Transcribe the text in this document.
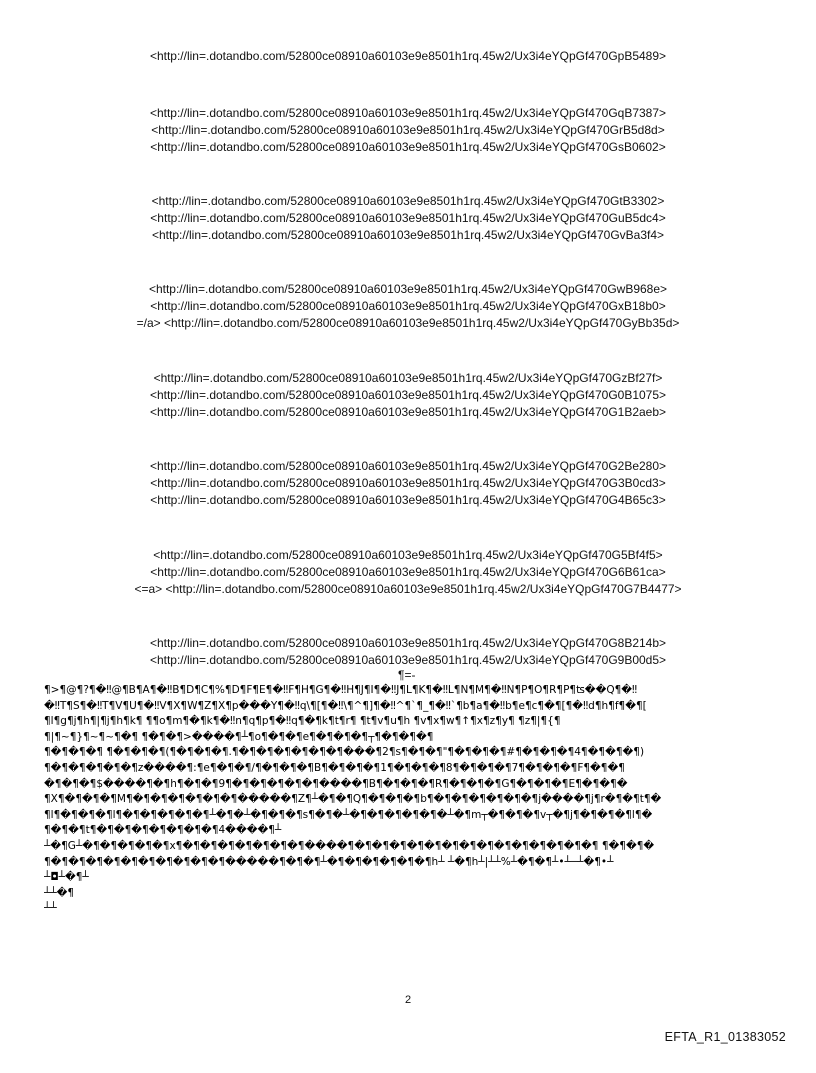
<http://lin=.dotandbo.com/52800ce08910a60103e9e8501h1rq.45w2/Ux3i4eYQpGf470GpB5489>
<http://lin=.dotandbo.com/52800ce08910a60103e9e8501h1rq.45w2/Ux3i4eYQpGf470GqB7387>
<http://lin=.dotandbo.com/52800ce08910a60103e9e8501h1rq.45w2/Ux3i4eYQpGf470GrB5d8d>
<http://lin=.dotandbo.com/52800ce08910a60103e9e8501h1rq.45w2/Ux3i4eYQpGf470GsB0602>
<http://lin=.dotandbo.com/52800ce08910a60103e9e8501h1rq.45w2/Ux3i4eYQpGf470GtB3302>
<http://lin=.dotandbo.com/52800ce08910a60103e9e8501h1rq.45w2/Ux3i4eYQpGf470GuB5dc4>
<http://lin=.dotandbo.com/52800ce08910a60103e9e8501h1rq.45w2/Ux3i4eYQpGf470GvBa3f4>
<http://lin=.dotandbo.com/52800ce08910a60103e9e8501h1rq.45w2/Ux3i4eYQpGf470GwB968e>
<http://lin=.dotandbo.com/52800ce08910a60103e9e8501h1rq.45w2/Ux3i4eYQpGf470GxB18b0>
=/a> <http://lin=.dotandbo.com/52800ce08910a60103e9e8501h1rq.45w2/Ux3i4eYQpGf470GyBb35d>
<http://lin=.dotandbo.com/52800ce08910a60103e9e8501h1rq.45w2/Ux3i4eYQpGf470GzBf27f>
<http://lin=.dotandbo.com/52800ce08910a60103e9e8501h1rq.45w2/Ux3i4eYQpGf470G0B1075>
<http://lin=.dotandbo.com/52800ce08910a60103e9e8501h1rq.45w2/Ux3i4eYQpGf470G1B2aeb>
<http://lin=.dotandbo.com/52800ce08910a60103e9e8501h1rq.45w2/Ux3i4eYQpGf470G2Be280>
<http://lin=.dotandbo.com/52800ce08910a60103e9e8501h1rq.45w2/Ux3i4eYQpGf470G3B0cd3>
<http://lin=.dotandbo.com/52800ce08910a60103e9e8501h1rq.45w2/Ux3i4eYQpGf470G4B65c3>
<http://lin=.dotandbo.com/52800ce08910a60103e9e8501h1rq.45w2/Ux3i4eYQpGf470G5Bf4f5>
<http://lin=.dotandbo.com/52800ce08910a60103e9e8501h1rq.45w2/Ux3i4eYQpGf470G6B61ca>
<=a> <http://lin=.dotandbo.com/52800ce08910a60103e9e8501h1rq.45w2/Ux3i4eYQpGf470G7B4477>
<http://lin=.dotandbo.com/52800ce08910a60103e9e8501h1rq.45w2/Ux3i4eYQpGf470G8B214b>
<http://lin=.dotandbo.com/52800ce08910a60103e9e8501h1rq.45w2/Ux3i4eYQpGf470G9B00d5>
¶=-
¶>¶@¶?¶�‼@¶B¶A¶�‼B¶D¶C¶%¶D¶F¶E¶�‼F¶H¶G¶�‼H¶J¶I¶�‼J¶L¶K¶�‼L¶N¶M¶�‼N¶P¶O¶R¶P¶ʦ��Q¶�‼
�‼T¶S¶�‼T¶V¶U¶�‼V¶X¶W¶Z¶X¶p���Y¶�‼q\¶[¶�‼\¶^¶]¶�‼^¶`¶_¶�‼`¶b¶a¶�‼b¶e¶c¶�¶[¶�‼d¶h¶f¶�¶[
¶l¶g¶j¶h¶|¶j¶h¶k¶ ¶¶o¶m¶�¶k¶�‼n¶q¶p¶�‼q¶�¶k¶t¶r¶ ¶t¶v¶u¶h ¶v¶x¶w¶↑¶x¶z¶y¶ ¶z¶|¶{¶
¶|¶~¶}¶~¶~¶�¶ ¶�¶�¶>����¶┴¶o¶�¶�¶e¶�¶�¶�¶┬¶�¶�¶�¶
¶�¶�¶�¶ ¶�¶�¶�¶(¶�¶�¶�¶.¶�¶�¶�¶�¶�¶�¶���¶2¶s¶�¶�¶"¶�¶�¶�¶#¶�¶�¶�¶4¶�¶�¶�¶)
¶�¶�¶�¶�¶�¶z����¶:¶e¶�¶�¶/¶�¶�¶�¶B¶�¶�¶�¶1¶�¶�¶�¶8¶�¶�¶�¶7¶�¶�¶�¶F¶�¶�¶
�¶�¶�¶$����¶�¶h¶�¶�¶9¶�¶�¶�¶�¶�¶����¶B¶�¶�¶�¶R¶�¶�¶�¶G¶�¶�¶�¶E¶�¶�¶�
¶X¶�¶�¶�¶M¶�¶�¶�¶�¶�¶�¶�����¶Z¶┴�¶�¶Q¶�¶�¶�¶b¶�¶�¶�¶�¶�¶�¶j����¶j¶r�¶�¶t¶�
¶l¶�¶�¶�¶l¶�¶�¶�¶�¶�¶┴�¶�┴�¶�¶�¶s¶�¶�┴�¶�¶�¶�¶�¶�┴�¶m┬�¶�¶�¶v┬�¶j¶�¶�¶�¶l¶�
¶�¶�¶t¶�¶�¶�¶�¶�¶�¶�¶4����¶┴
┴�¶G┴�¶�¶�¶�¶�¶x¶�¶�¶�¶�¶�¶�¶�¶����¶�¶�¶�¶�¶�¶�¶�¶�¶�¶�¶�¶�¶�¶�¶ ¶�¶�¶�
¶�¶�¶�¶�¶�¶�¶�¶�¶�¶�¶�����¶�¶�¶┴�¶�¶�¶�¶�¶�¶h┴ ┴�¶h┴|┴┴%┴�¶�¶┴•┴─┴�¶•┴
┴◘┴�¶┴
┴┴�¶
┴┴
2
EFTA_R1_01383052
